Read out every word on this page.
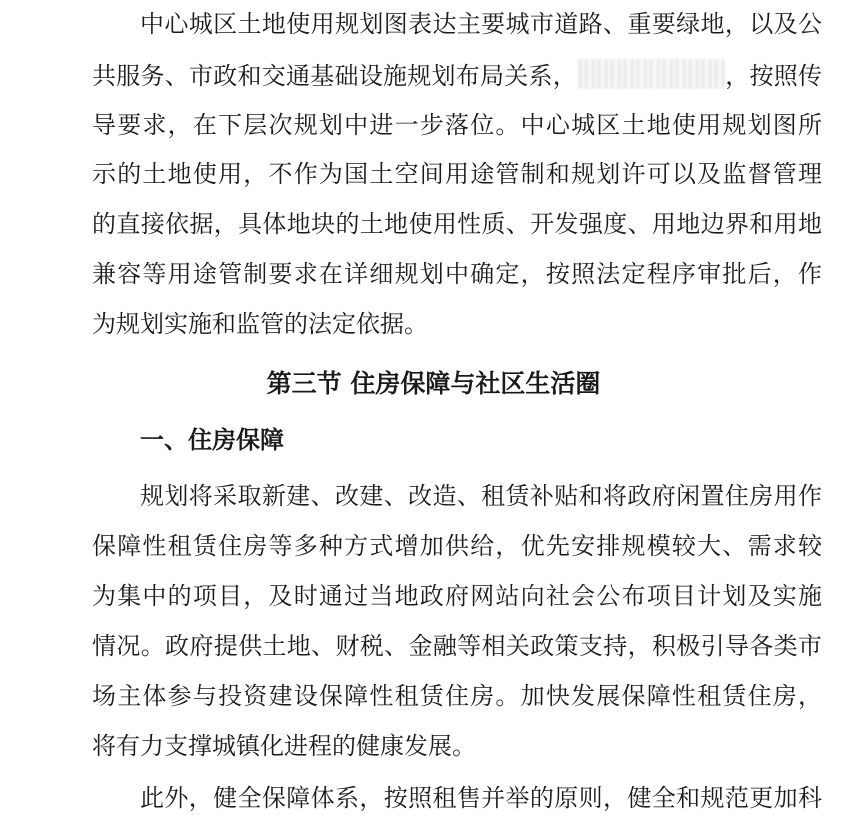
中心城区土地使用规划图表达主要城市道路、重要绿地，以及公
共服务、市政和交通基础设施规划布局关系，	，按照传
导要求，在下层次规划中进一步落位。中心城区土地使用规划图所
示的土地使用，不作为国土空间用途管制和规划许可以及监督管理
的直接依据，具体地块的土地使用性质、开发强度、用地边界和用地
兼容等用途管制要求在详细规划中确定，按照法定程序审批后，作
为规划实施和监管的法定依据。
第三节 住房保障与社区生活圈
一、住房保障
规划将采取新建、改建、改造、租赁补贴和将政府闲置住房用作
保障性租赁住房等多种方式增加供给，优先安排规模较大、需求较
为集中的项目，及时通过当地政府网站向社会公布项目计划及实施
情况。政府提供土地、财税、金融等相关政策支持，积极引导各类市
场主体参与投资建设保障性租赁住房。加快发展保障性租赁住房，
将有力支撑城镇化进程的健康发展。
此外，健全保障体系，按照租售并举的原则，健全和规范更加科
